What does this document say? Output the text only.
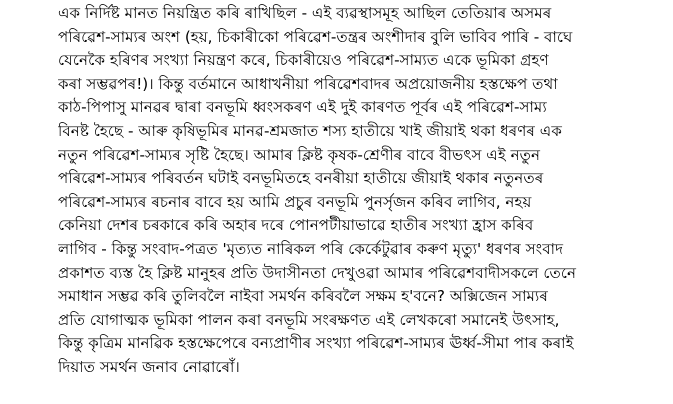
এক নির্দিষ্ট মানত নিয়ন্ত্রিত কৰি ৰাখিছিল - এই ব্যৱস্থাসমূহ আছিল তেতিয়াৰ অসমৰ
পৰিৱেশ-সাম্যৰ অংশ (হয়, চিকাৰীকো পৰিৱেশ-তন্ত্ৰৰ অংশীদাৰ বুলি ভাবিব পাৰি - বাঘে
যেনেকৈ হৰিণৰ সংখ্যা নিয়ন্ত্ৰণ কৰে, চিকাৰীয়েও পৰিৱেশ-সাম্যত একে ভূমিকা গ্ৰহণ
কৰা সম্ভৱপৰ!)। কিন্তু বৰ্তমানে আধাখনীয়া পৰিৱেশবাদৰ অপ্ৰয়োজনীয় হস্তক্ষেপ তথা
কাঠ-পিপাসু মানৱৰ দ্বাৰা বনভূমি ধ্বংসকৰণ এই দুই কাৰণত পূৰ্বৰ এই পৰিৱেশ-সাম্য
বিনষ্ট হৈছে - আৰু কৃষিভূমিৰ মানৱ-শ্ৰমজাত শস্য হাতীয়ে খাই জীয়াই থকা ধৰণৰ এক
নতুন পৰিৱেশ-সাম্যৰ সৃষ্টি হৈছে। আমাৰ ক্লিষ্ট কৃষক-শ্ৰেণীৰ বাবে বীভৎস এই নতুন
পৰিৱেশ-সাম্যৰ পৰিবৰ্তন ঘটাই বনভূমিতহে বনৰীয়া হাতীয়ে জীয়াই থকাৰ নতুনতৰ
পৰিৱেশ-সাম্যৰ ৰচনাৰ বাবে হয় আমি প্ৰচুৰ বনভূমি পুনৰ্সৃজন কৰিব লাগিব, নহয়
কেনিয়া দেশৰ চৰকাৰে কৰি অহাৰ দৰে পোনপটীয়াভাৱে হাতীৰ সংখ্যা হ্ৰাস কৰিব
লাগিব - কিন্তু সংবাদ-পত্ৰত 'মৃত্যত নাৰিকল পৰি কেৰ্কেটুৱাৰ কৰুণ মৃত্যু' ধৰণৰ সংবাদ
প্ৰকাশত ব্যস্ত হৈ ক্লিষ্ট মানুহৰ প্ৰতি উদাসীনতা দেখুওৱা আমাৰ পৰিৱেশবাদীসকলে তেনে
সমাধান সম্ভৱ কৰি তুলিবলৈ নাইবা সমৰ্থন কৰিবলৈ সক্ষম হ'বনে? অক্সিজেন সাম্যৰ
প্ৰতি যোগাত্মক ভূমিকা পালন কৰা বনভূমি সংৰক্ষণত এই লেখকৰো সমানেই উৎসাহ,
কিন্তু কৃত্ৰিম মানৱিক হস্তক্ষেপেৰে বন্যপ্ৰাণীৰ সংখ্যা পৰিৱেশ-সাম্যৰ ঊৰ্ধ্ব-সীমা পাৰ কৰাই
দিয়াত সমৰ্থন জনাব নোৱাৰোঁ।
